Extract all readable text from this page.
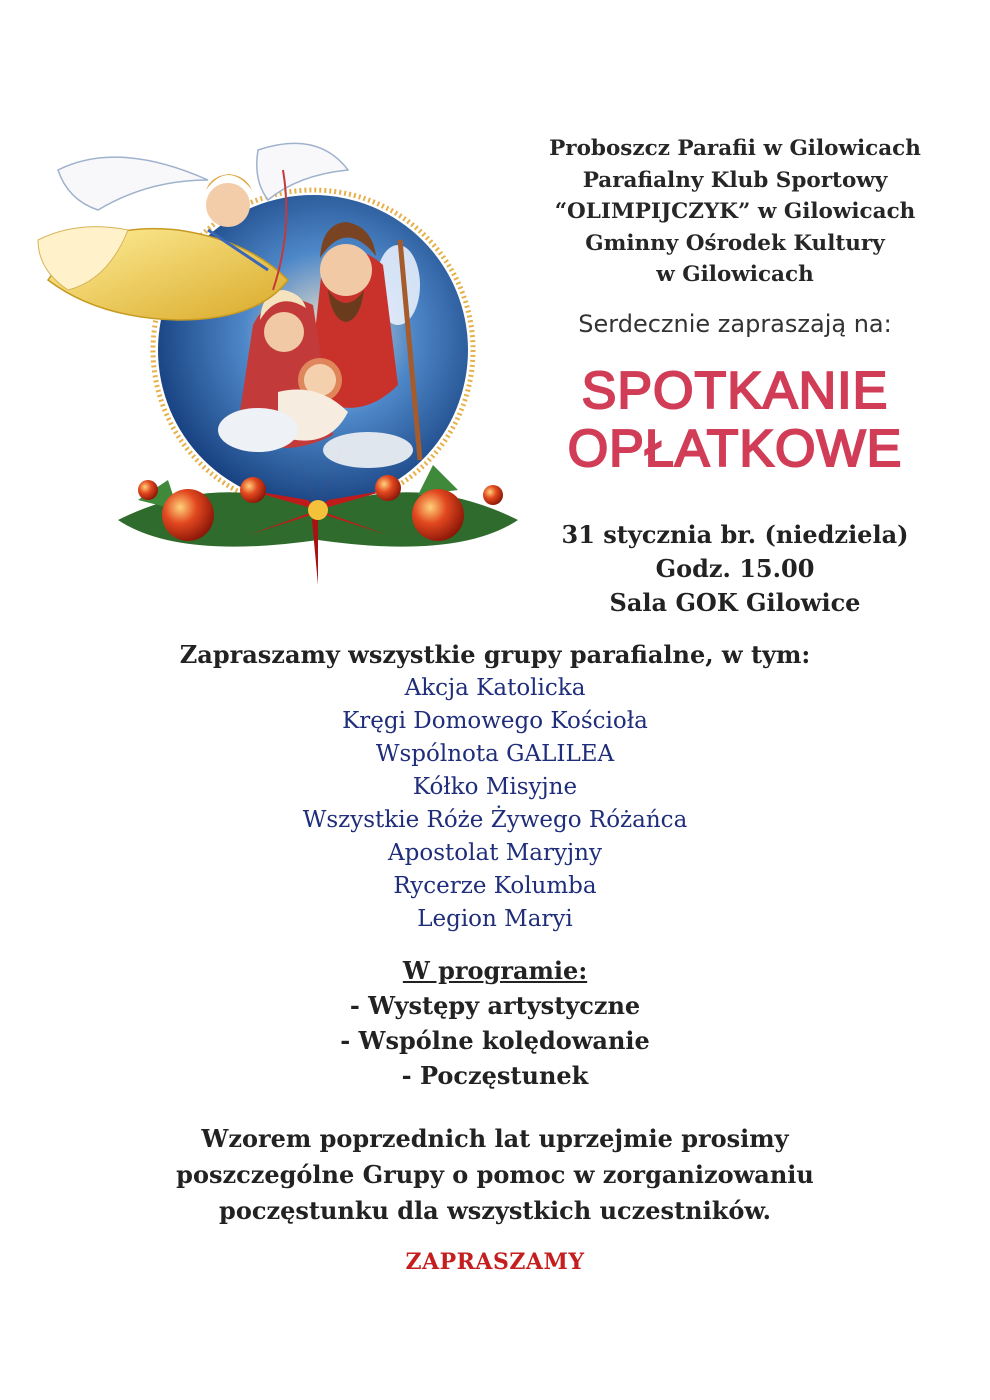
Proboszcz Parafii w Gilowicach
Parafialny Klub Sportowy
“OLIMPIJCZYK” w Gilowicach
Gminny Ośrodek Kultury
w Gilowicach
Serdecznie zapraszają na:
SPOTKANIE
OPŁATKOWE
31 stycznia br. (niedziela)
Godz. 15.00
Sala GOK Gilowice
Zapraszamy wszystkie grupy parafialne, w tym:
Akcja Katolicka
Kręgi Domowego Kościoła
Wspólnota GALILEA
Kółko Misyjne
Wszystkie Róże Żywego Różańca
Apostolat Maryjny
Rycerze Kolumba
Legion Maryi
W programie:
- Występy artystyczne
- Wspólne kolędowanie
- Poczęstunek
Wzorem poprzednich lat uprzejmie prosimy
poszczególne Grupy o pomoc w zorganizowaniu
poczęstunku dla wszystkich uczestników.
ZAPRASZAMY
